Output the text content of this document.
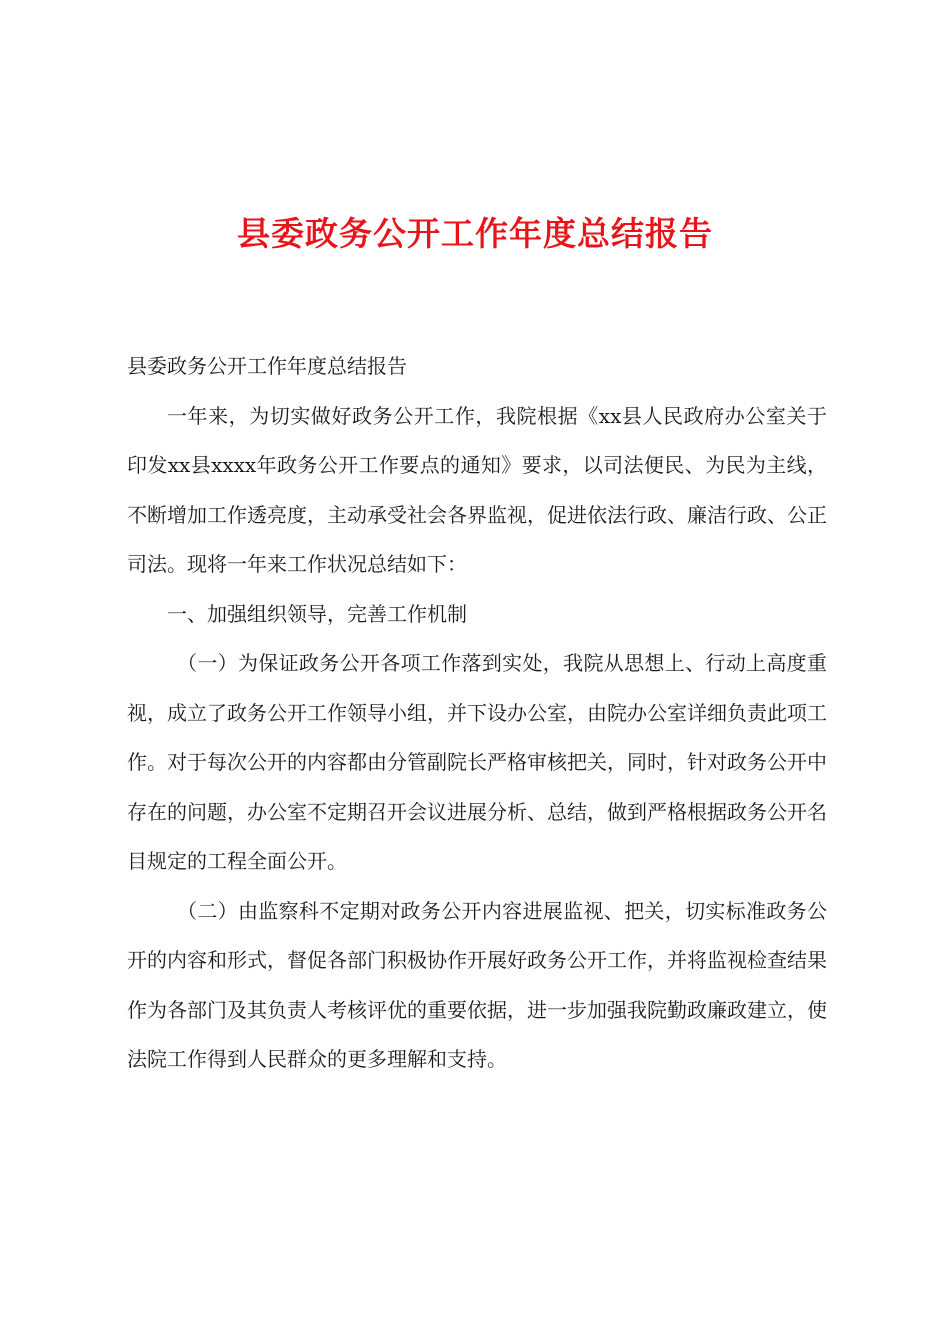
县委政务公开工作年度总结报告

县委政务公开工作年度总结报告

一年来，为切实做好政务公开工作，我院根据《xx县人民政府办公室关于印发xx县xxxx年政务公开工作要点的通知》要求，以司法便民、为民为主线，不断增加工作透亮度，主动承受社会各界监视，促进依法行政、廉洁行政、公正司法。现将一年来工作状况总结如下：

一、加强组织领导，完善工作机制

（一）为保证政务公开各项工作落到实处，我院从思想上、行动上高度重视，成立了政务公开工作领导小组，并下设办公室，由院办公室详细负责此项工作。对于每次公开的内容都由分管副院长严格审核把关，同时，针对政务公开中存在的问题，办公室不定期召开会议进展分析、总结，做到严格根据政务公开名目规定的工程全面公开。

（二）由监察科不定期对政务公开内容进展监视、把关，切实标准政务公开的内容和形式，督促各部门积极协作开展好政务公开工作，并将监视检查结果作为各部门及其负责人考核评优的重要依据，进一步加强我院勤政廉政建立，使法院工作得到人民群众的更多理解和支持。
